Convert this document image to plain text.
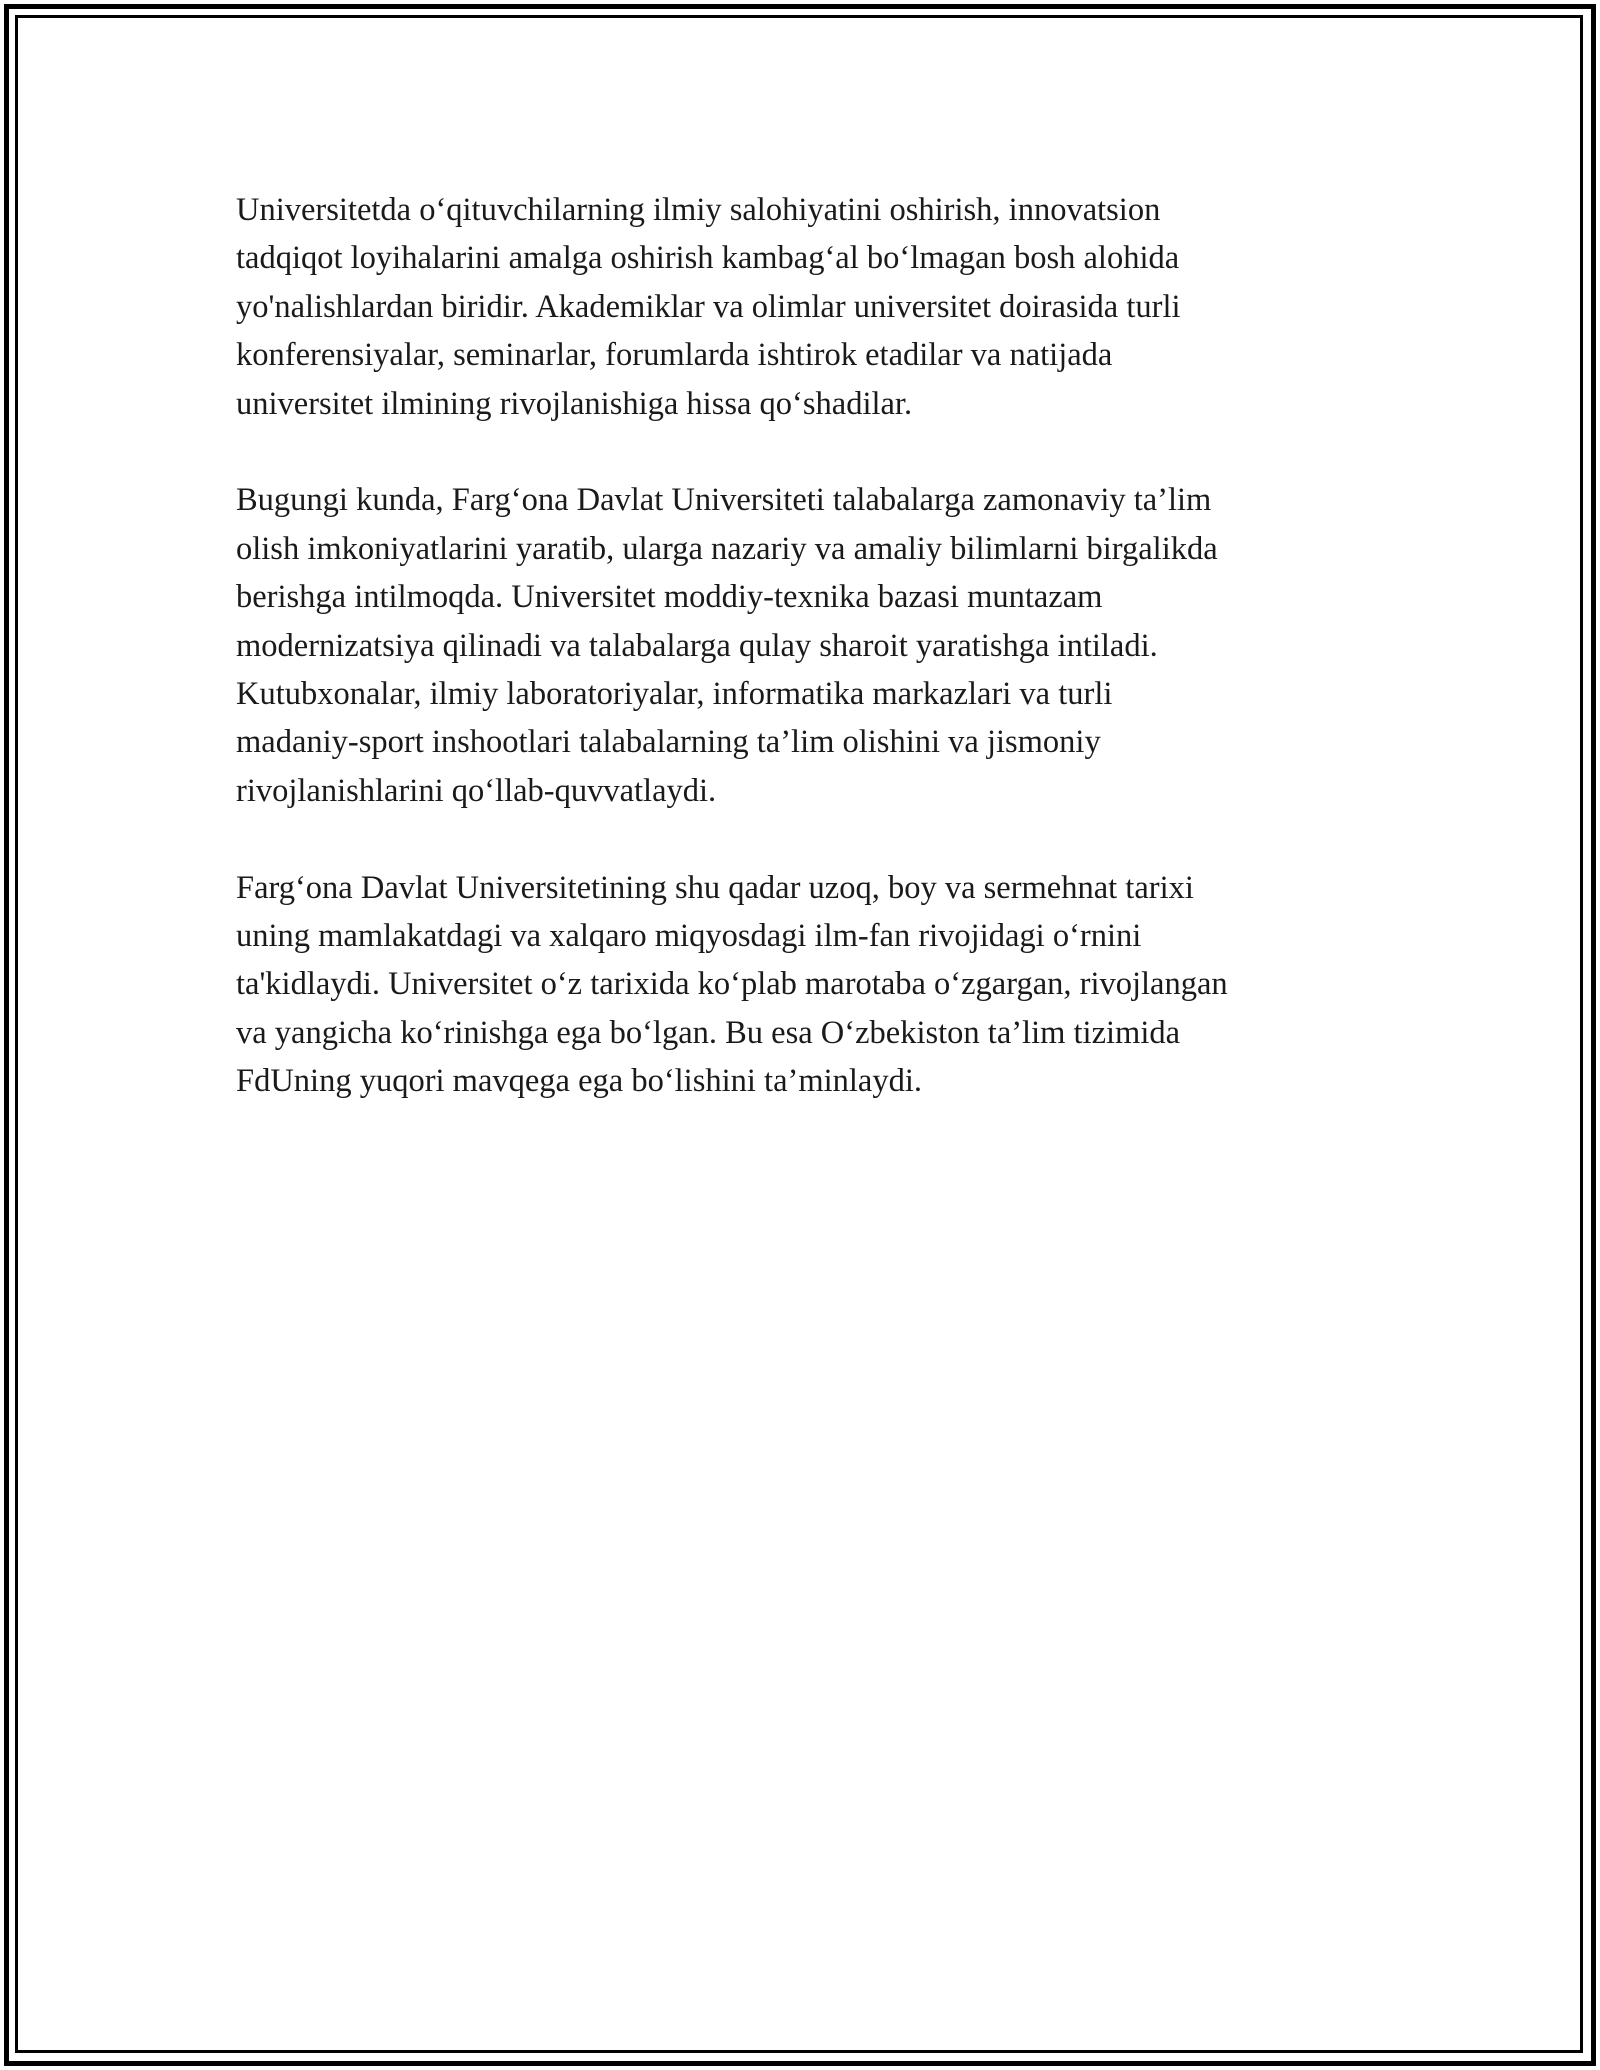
Universitetda o‘qituvchilarning ilmiy salohiyatini oshirish, innovatsion
tadqiqot loyihalarini amalga oshirish kambag‘al bo‘lmagan bosh alohida
yo'nalishlardan biridir. Akademiklar va olimlar universitet doirasida turli
konferensiyalar, seminarlar, forumlarda ishtirok etadilar va natijada
universitet ilmining rivojlanishiga hissa qo‘shadilar.

Bugungi kunda, Farg‘ona Davlat Universiteti talabalarga zamonaviy ta’lim
olish imkoniyatlarini yaratib, ularga nazariy va amaliy bilimlarni birgalikda
berishga intilmoqda. Universitet moddiy-texnika bazasi muntazam
modernizatsiya qilinadi va talabalarga qulay sharoit yaratishga intiladi.
Kutubxonalar, ilmiy laboratoriyalar, informatika markazlari va turli
madaniy-sport inshootlari talabalarning ta’lim olishini va jismoniy
rivojlanishlarini qo‘llab-quvvatlaydi.

Farg‘ona Davlat Universitetining shu qadar uzoq, boy va sermehnat tarixi
uning mamlakatdagi va xalqaro miqyosdagi ilm-fan rivojidagi o‘rnini
ta'kidlaydi. Universitet o‘z tarixida ko‘plab marotaba o‘zgargan, rivojlangan
va yangicha ko‘rinishga ega bo‘lgan. Bu esa O‘zbekiston ta’lim tizimida
FdUning yuqori mavqega ega bo‘lishini ta’minlaydi.
